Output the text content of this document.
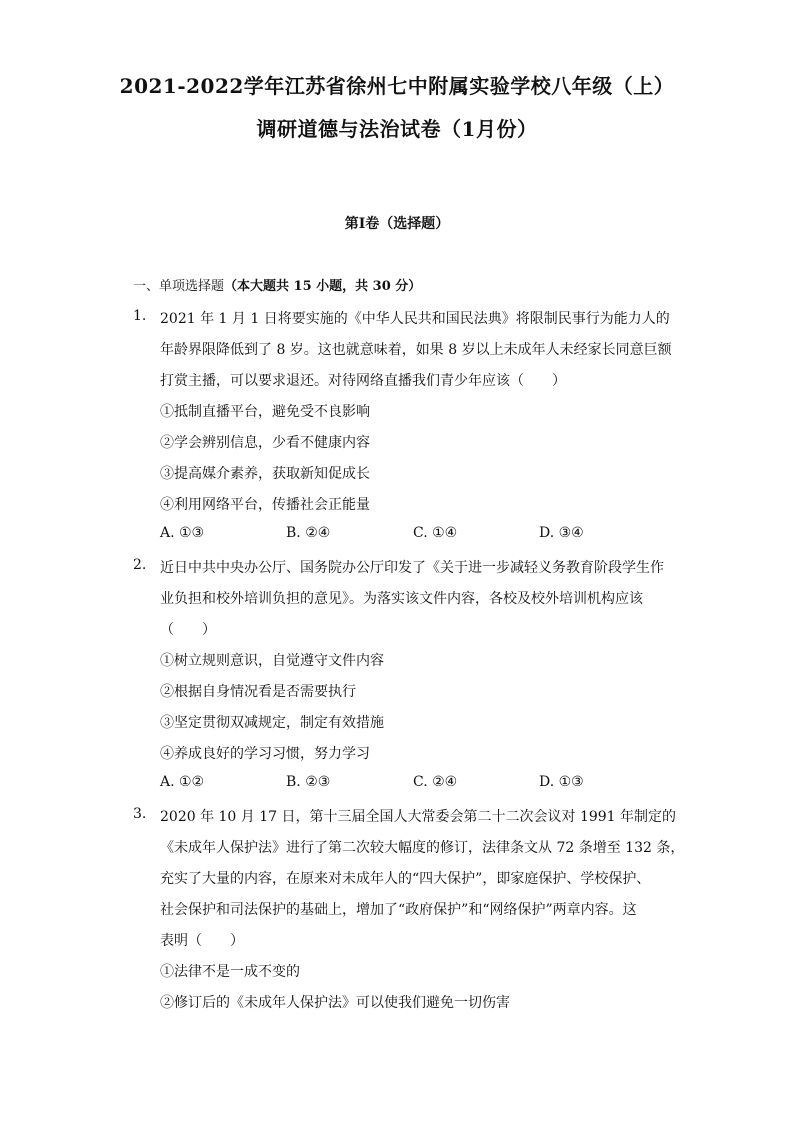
2021-2022学年江苏省徐州七中附属实验学校八年级（上）
调研道德与法治试卷（1月份）
第I卷（选择题）
一、单项选择题（本大题共 15 小题，共 30 分）
1. 2021 年 1 月 1 日将要实施的《中华人民共和国民法典》将限制民事行为能力人的
年龄界限降低到了 8 岁。这也就意味着，如果 8 岁以上未成年人未经家长同意巨额
打赏主播，可以要求退还。对待网络直播我们青少年应该（　　）
①抵制直播平台，避免受不良影响
②学会辨别信息，少看不健康内容
③提高媒介素养，获取新知促成长
④利用网络平台，传播社会正能量
A. ①③	B. ②④	C. ①④	D. ③④
2. 近日中共中央办公厅、国务院办公厅印发了《关于进一步减轻义务教育阶段学生作
业负担和校外培训负担的意见》。为落实该文件内容，各校及校外培训机构应该
（　　）
①树立规则意识，自觉遵守文件内容
②根据自身情况看是否需要执行
③坚定贯彻双减规定，制定有效措施
④养成良好的学习习惯，努力学习
A. ①②	B. ②③	C. ②④	D. ①③
3. 2020 年 10 月 17 日，第十三届全国人大常委会第二十二次会议对 1991 年制定的
《未成年人保护法》进行了第二次较大幅度的修订，法律条文从 72 条增至 132 条，
充实了大量的内容，在原来对未成年人的“四大保护”，即家庭保护、学校保护、
社会保护和司法保护的基础上，增加了“政府保护”和“网络保护”两章内容。这
表明（　　）
①法律不是一成不变的
②修订后的《未成年人保护法》可以使我们避免一切伤害
